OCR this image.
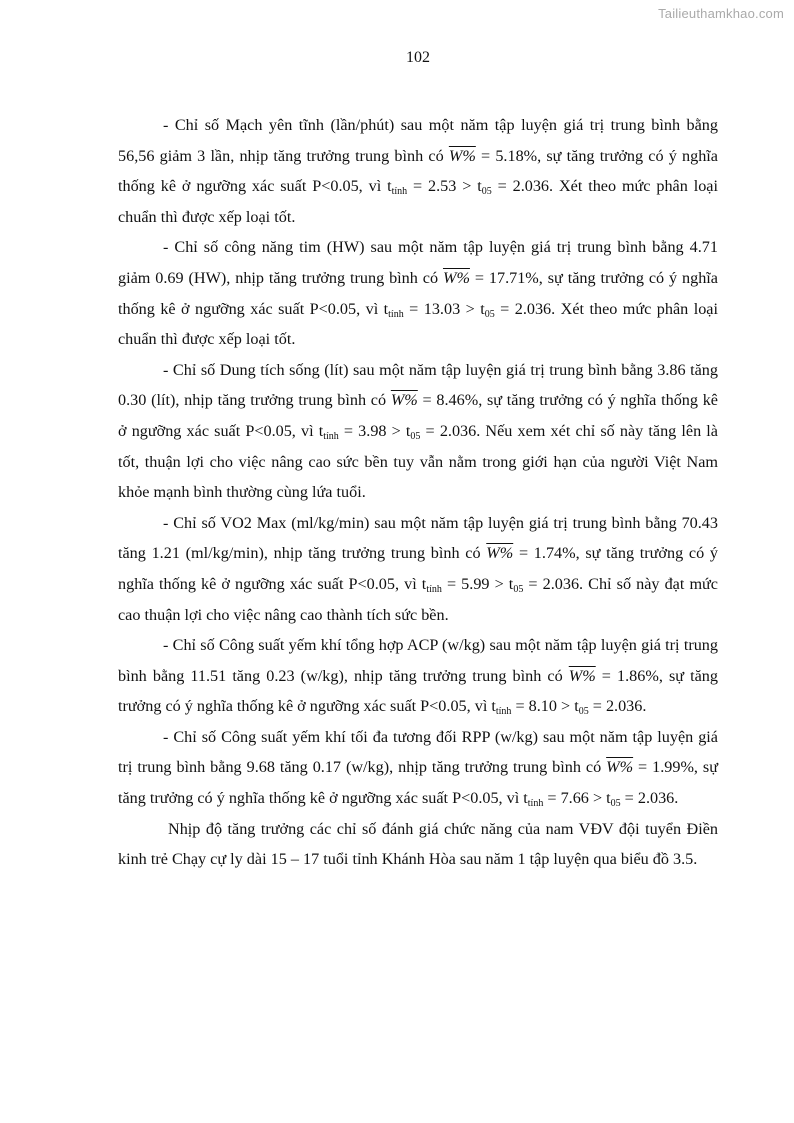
Tailieuthamkhao.com
102

- Chỉ số Mạch yên tĩnh (lần/phút) sau một năm tập luyện giá trị trung bình bằng 56,56 giảm 3 lần, nhịp tăng trưởng trung bình có W% = 5.18%, sự tăng trưởng có ý nghĩa thống kê ở ngưỡng xác suất P<0.05, vì $t_{tính} = 2.53 > t_{05} = 2.036$. Xét theo mức phân loại chuẩn thì được xếp loại tốt.

- Chỉ số công năng tim (HW) sau một năm tập luyện giá trị trung bình bằng 4.71 giảm 0.69 (HW), nhịp tăng trưởng trung bình có W% = 17.71%, sự tăng trưởng có ý nghĩa thống kê ở ngưỡng xác suất P<0.05, vì $t_{tính} = 13.03 > t_{05} = 2.036$. Xét theo mức phân loại chuẩn thì được xếp loại tốt.

- Chỉ số Dung tích sống (lít) sau một năm tập luyện giá trị trung bình bằng 3.86 tăng 0.30 (lít), nhịp tăng trưởng trung bình có W% = 8.46%, sự tăng trưởng có ý nghĩa thống kê ở ngưỡng xác suất P<0.05, vì $t_{tính} = 3.98 > t_{05} = 2.036$. Nếu xem xét chỉ số này tăng lên là tốt, thuận lợi cho việc nâng cao sức bền tuy vẫn nằm trong giới hạn của người Việt Nam khỏe mạnh bình thường cùng lứa tuổi.

- Chỉ số VO2 Max (ml/kg/min) sau một năm tập luyện giá trị trung bình bằng 70.43 tăng 1.21 (ml/kg/min), nhịp tăng trưởng trung bình có W% = 1.74%, sự tăng trưởng có ý nghĩa thống kê ở ngưỡng xác suất P<0.05, vì $t_{tính} = 5.99 > t_{05} = 2.036$. Chỉ số này đạt mức cao thuận lợi cho việc nâng cao thành tích sức bền.

- Chỉ số Công suất yếm khí tổng hợp ACP (w/kg) sau một năm tập luyện giá trị trung bình bằng 11.51 tăng 0.23 (w/kg), nhịp tăng trưởng trung bình có W% = 1.86%, sự tăng trưởng có ý nghĩa thống kê ở ngưỡng xác suất P<0.05, vì $t_{tính} = 8.10 > t_{05} = 2.036$.

- Chỉ số Công suất yếm khí tối đa tương đối RPP (w/kg) sau một năm tập luyện giá trị trung bình bằng 9.68 tăng 0.17 (w/kg), nhịp tăng trưởng trung bình có W% = 1.99%, sự tăng trưởng có ý nghĩa thống kê ở ngưỡng xác suất P<0.05, vì $t_{tính} = 7.66 > t_{05} = 2.036$.

Nhịp độ tăng trưởng các chỉ số đánh giá chức năng của nam VĐV đội tuyển Điền kinh trẻ Chạy cự ly dài 15 – 17 tuổi tỉnh Khánh Hòa sau năm 1 tập luyện qua biểu đồ 3.5.
